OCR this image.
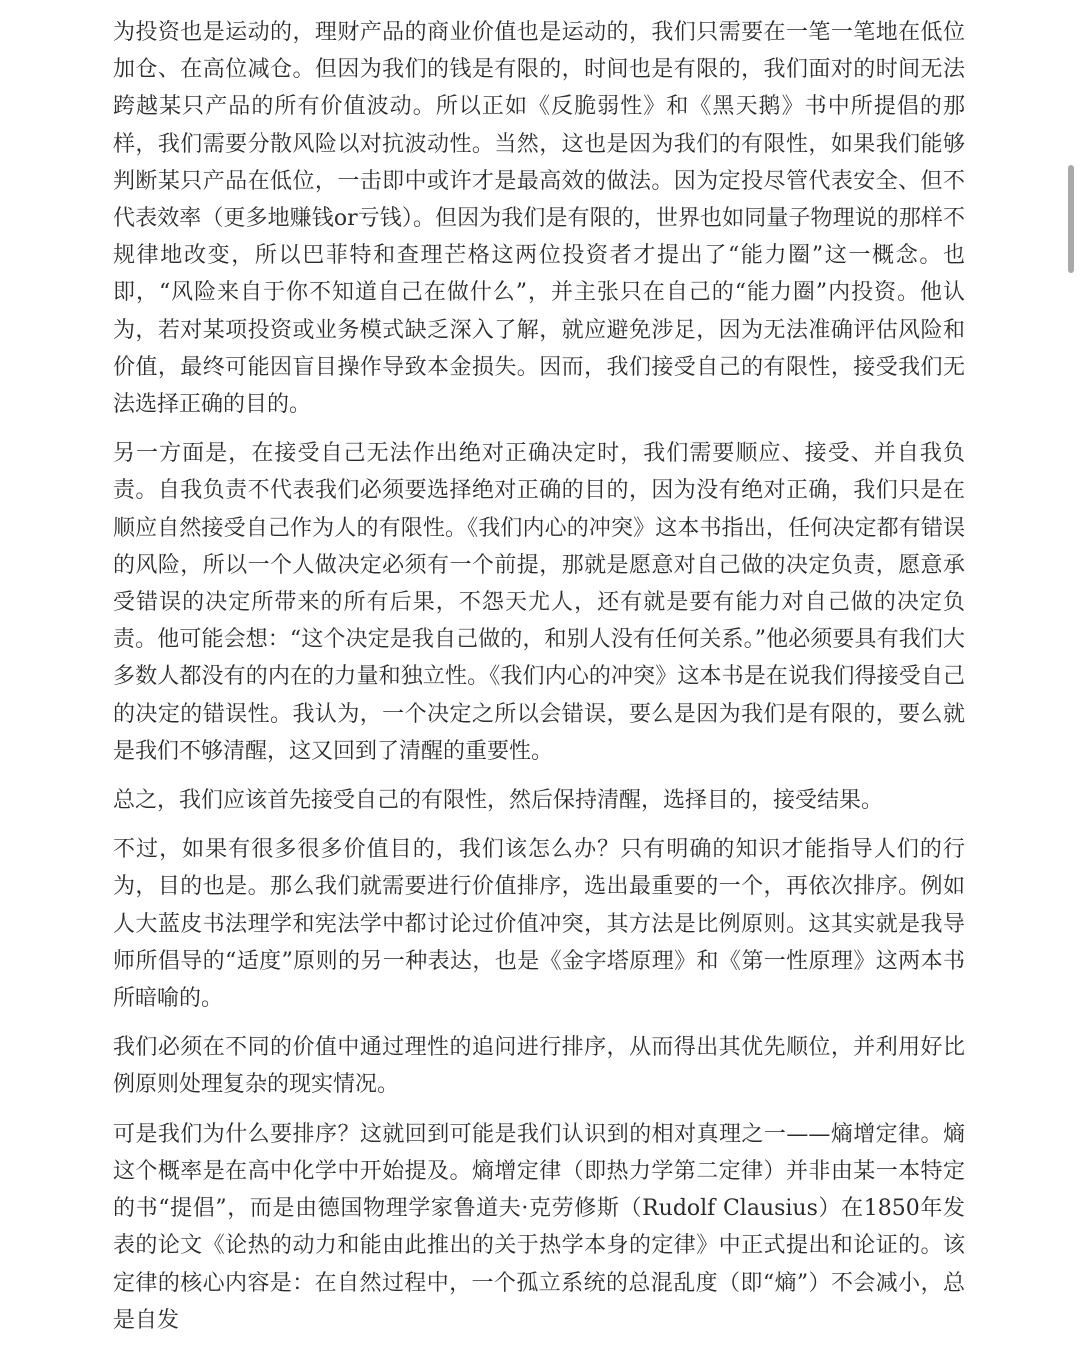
为投资也是运动的，理财产品的商业价值也是运动的，我们只需要在一笔一笔地在低位加仓、在高位减仓。但因为我们的钱是有限的，时间也是有限的，我们面对的时间无法跨越某只产品的所有价值波动。所以正如《反脆弱性》和《黑天鹅》书中所提倡的那样，我们需要分散风险以对抗波动性。当然，这也是因为我们的有限性，如果我们能够判断某只产品在低位，一击即中或许才是最高效的做法。因为定投尽管代表安全、但不代表效率（更多地赚钱or亏钱）。但因为我们是有限的，世界也如同量子物理说的那样不规律地改变，所以巴菲特和查理芒格这两位投资者才提出了“能力圈”这一概念。也即，“风险来自于你不知道自己在做什么”，并主张只在自己的“能力圈”内投资。他认为，若对某项投资或业务模式缺乏深入了解，就应避免涉足，因为无法准确评估风险和价值，最终可能因盲目操作导致本金损失。因而，我们接受自己的有限性，接受我们无法选择正确的目的。

另一方面是，在接受自己无法作出绝对正确决定时，我们需要顺应、接受、并自我负责。自我负责不代表我们必须要选择绝对正确的目的，因为没有绝对正确，我们只是在顺应自然接受自己作为人的有限性。《我们内心的冲突》这本书指出，任何决定都有错误的风险，所以一个人做决定必须有一个前提，那就是愿意对自己做的决定负责，愿意承受错误的决定所带来的所有后果，不怨天尤人，还有就是要有能力对自己做的决定负责。他可能会想：“这个决定是我自己做的，和别人没有任何关系。”他必须要具有我们大多数人都没有的内在的力量和独立性。《我们内心的冲突》这本书是在说我们得接受自己的决定的错误性。我认为，一个决定之所以会错误，要么是因为我们是有限的，要么就是我们不够清醒，这又回到了清醒的重要性。

总之，我们应该首先接受自己的有限性，然后保持清醒，选择目的，接受结果。

不过，如果有很多很多价值目的，我们该怎么办？只有明确的知识才能指导人们的行为，目的也是。那么我们就需要进行价值排序，选出最重要的一个，再依次排序。例如人大蓝皮书法理学和宪法学中都讨论过价值冲突，其方法是比例原则。这其实就是我导师所倡导的“适度”原则的另一种表达，也是《金字塔原理》和《第一性原理》这两本书所暗喻的。

我们必须在不同的价值中通过理性的追问进行排序，从而得出其优先顺位，并利用好比例原则处理复杂的现实情况。

可是我们为什么要排序？这就回到可能是我们认识到的相对真理之一——熵增定律。熵这个概率是在高中化学中开始提及。熵增定律（即热力学第二定律）并非由某一本特定的书“提倡”，而是由德国物理学家鲁道夫·克劳修斯（Rudolf Clausius）在1850年发表的论文《论热的动力和能由此推出的关于热学本身的定律》中正式提出和论证的。该定律的核心内容是：在自然过程中，一个孤立系统的总混乱度（即“熵”）不会减小，总是自发
